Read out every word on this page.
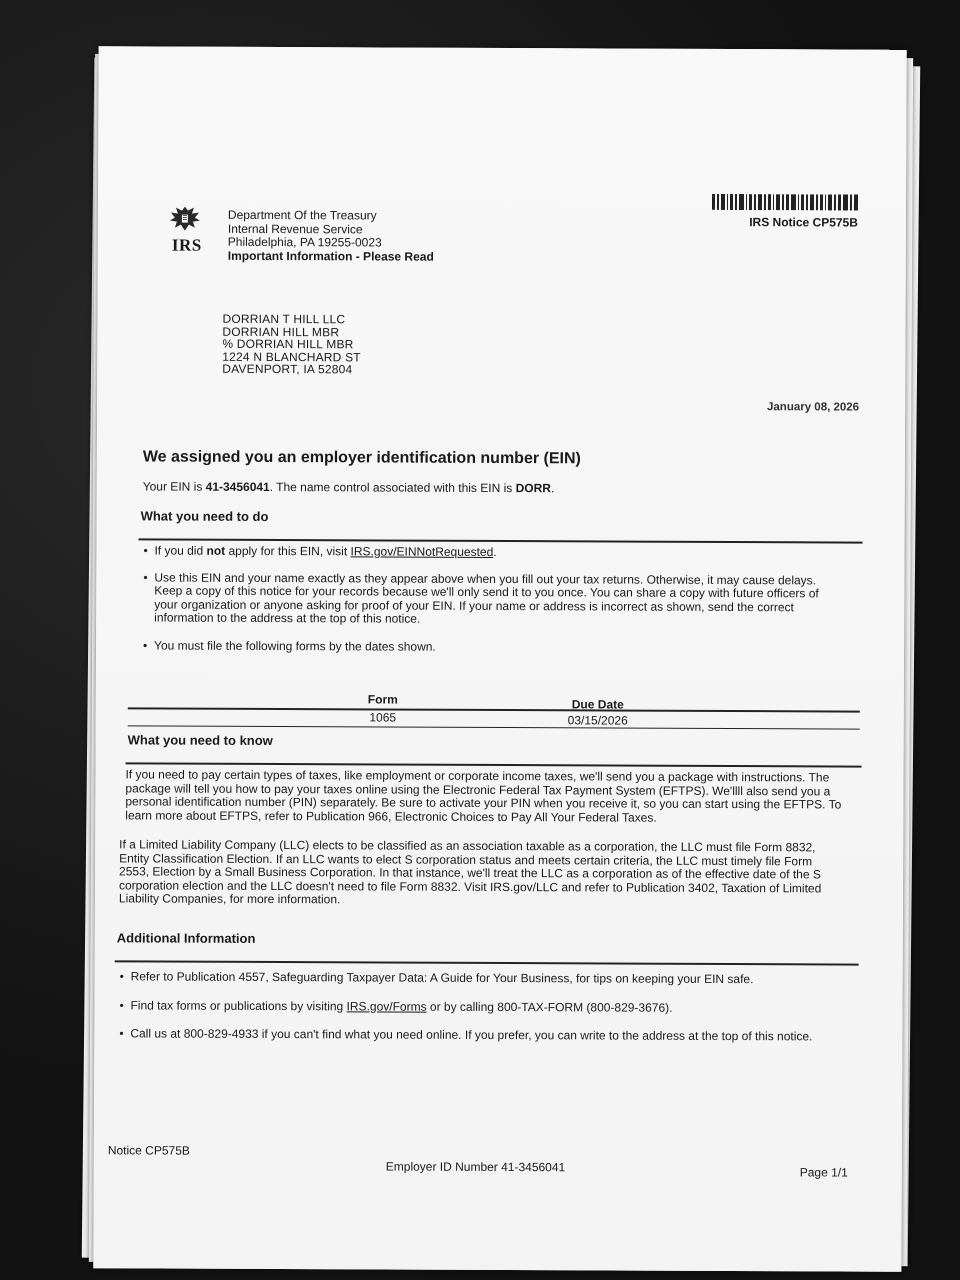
IRS
Department Of the Treasury
Internal Revenue Service
Philadelphia, PA 19255-0023
Important Information - Please Read
IRS Notice CP575B
DORRIAN T HILL LLC
DORRIAN HILL MBR
% DORRIAN HILL MBR
1224 N BLANCHARD ST
DAVENPORT, IA 52804
January 08, 2026
We assigned you an employer identification number (EIN)
Your EIN is 41-3456041. The name control associated with this EIN is DORR.
What you need to do
• If you did not apply for this EIN, visit IRS.gov/EINNotRequested.
• Use this EIN and your name exactly as they appear above when you fill out your tax returns. Otherwise, it may cause delays. Keep a copy of this notice for your records because we'll only send it to you once. You can share a copy with future officers of your organization or anyone asking for proof of your EIN. If your name or address is incorrect as shown, send the correct information to the address at the top of this notice.
• You must file the following forms by the dates shown.
Form	Due Date
1065	03/15/2026
What you need to know
If you need to pay certain types of taxes, like employment or corporate income taxes, we'll send you a package with instructions. The package will tell you how to pay your taxes online using the Electronic Federal Tax Payment System (EFTPS). We'llll also send you a personal identification number (PIN) separately. Be sure to activate your PIN when you receive it, so you can start using the EFTPS. To learn more about EFTPS, refer to Publication 966, Electronic Choices to Pay All Your Federal Taxes.
If a Limited Liability Company (LLC) elects to be classified as an association taxable as a corporation, the LLC must file Form 8832, Entity Classification Election. If an LLC wants to elect S corporation status and meets certain criteria, the LLC must timely file Form 2553, Election by a Small Business Corporation. In that instance, we'll treat the LLC as a corporation as of the effective date of the S corporation election and the LLC doesn't need to file Form 8832. Visit IRS.gov/LLC and refer to Publication 3402, Taxation of Limited Liability Companies, for more information.
Additional Information
• Refer to Publication 4557, Safeguarding Taxpayer Data: A Guide for Your Business, for tips on keeping your EIN safe.
• Find tax forms or publications by visiting IRS.gov/Forms or by calling 800-TAX-FORM (800-829-3676).
• Call us at 800-829-4933 if you can't find what you need online. If you prefer, you can write to the address at the top of this notice.
Notice CP575B
Employer ID Number 41-3456041	Page 1/1
